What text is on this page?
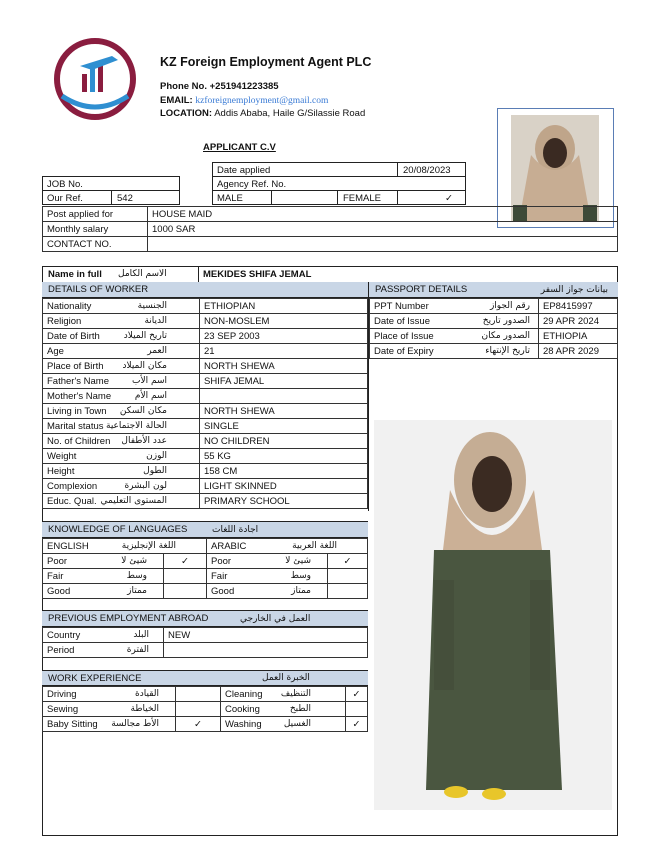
KZ Foreign Employment Agent PLC
Phone No. +251941223385
EMAIL: kzforeignemployment@gmail.com
LOCATION: Addis Ababa, Haile G/Silassie Road
APPLICANT C.V
Date applied	20/08/2023
JOB No.	Agency Ref. No.
Our Ref.	542	MALE	FEMALE	✓
Post applied for	HOUSE MAID
Monthly salary	1000 SAR
CONTACT NO.	
Name in full الاسم الكامل	MEKIDES SHIFA JEMAL
DETAILS OF WORKER
Nationality الجنسية	ETHIOPIAN

Religion الديانة	NON-MOSLEM

Date of Birth تاريخ الميلاد	23 SEP 2003

Age العمر	21

Place of Birth مكان الميلاد	NORTH SHEWA

Father's Name اسم الأب	SHIFA JEMAL

Mother's Name اسم الأم	

Living in Town مكان السكن	NORTH SHEWA

Marital status الحالة الاجتماعية	SINGLE

No. of Children عدد الأطفال	NO CHILDREN

Weight الوزن	55 KG

Height الطول	158 CM

Complexion لون البشرة	LIGHT SKINNED

Educ. Qual. المستوى التعليمي	PRIMARY SCHOOL
PASSPORT DETAILS	بيانات جواز السفر
PPT Number رقم الجواز	EP8415997

Date of Issue الصدور تاريخ	29 APR 2024

Place of Issue الصدور مكان	ETHIOPIA

Date of Expiry تاريخ الإنتهاء	28 APR 2029
KNOWLEDGE OF LANGUAGES	اجادة اللغات
ENGLISH اللغة الإنجليزية		ARABIC اللغة العربية	

Poor شيئ لا	✓	Poor شيئ لا	✓

Fair وسط		Fair وسط	

Good ممتاز		Good ممتاز	

PREVIOUS EMPLOYMENT ABROAD	العمل في الخارجي
Country البلد	NEW

Period الفترة	

WORK EXPERIENCE	الخبرة العمل
Driving القيادة		Cleaning التنظيف	✓

Sewing الخياطة		Cooking الطبخ	

Baby Sitting الأط مجالسة	✓	Washing الغسيل	✓
